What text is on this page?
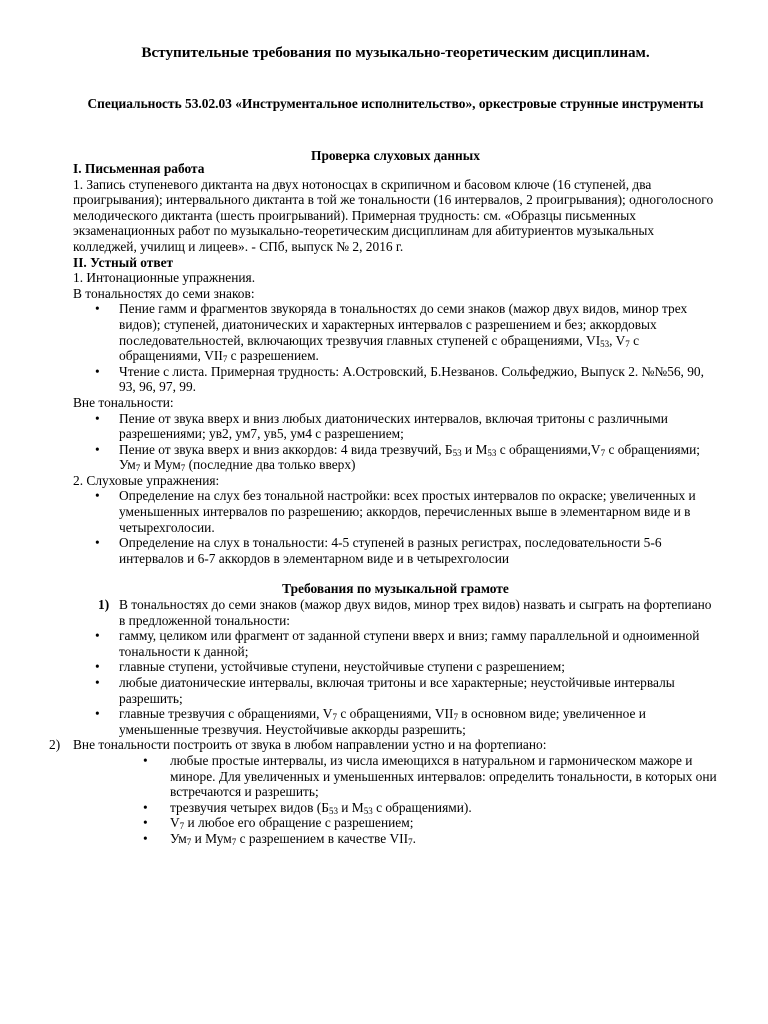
Вступительные требования по музыкально-теоретическим дисциплинам.
Специальность 53.02.03 «Инструментальное исполнительство», оркестровые струнные инструменты
Проверка слуховых данных

I. Письменная работа

1. Запись ступеневого диктанта на двух нотоносцах в скрипичном и басовом ключе (16 ступеней, два проигрывания); интервального диктанта в той же тональности (16 интервалов, 2 проигрывания); одноголосного мелодического диктанта (шесть проигрываний). Примерная трудность: см. «Образцы письменных экзаменационных работ по музыкально-теоретическим дисциплинам для абитуриентов музыкальных колледжей, училищ и лицеев». - СПб, выпуск № 2, 2016 г.

II. Устный ответ

1. Интонационные упражнения.

В тональностях до семи знаков:

• Пение гамм и фрагментов звукоряда в тональностях до семи знаков (мажор двух видов, минор трех видов); ступеней, диатонических и характерных интервалов с разрешением и без; аккордовых последовательностей, включающих трезвучия главных ступеней с обращениями, $VI_{53}$, $V_7$ с обращениями, $VII_7$ с разрешением.
• Чтение с листа. Примерная трудность: А.Островский, Б.Незванов. Сольфеджио, Выпуск 2. №№56, 90, 93, 96, 97, 99.

Вне тональности:

• Пение от звука вверх и вниз любых диатонических интервалов, включая тритоны с различными разрешениями; ув2, ум7, ув5, ум4 с разрешением;
• Пение от звука вверх и вниз аккордов: 4 вида трезвучий, $Б_{53}$ и $М_{53}$ с $обращениями,V_7$ с обращениями; $Ум_7$ и Мум$_7$ (последние два только вверх)

2. Слуховые упражнения:

• Определение на слух без тональной настройки: всех простых интервалов по окраске; увеличенных и уменьшенных интервалов по разрешению; аккордов, перечисленных выше в элементарном виде и в четырехголосии.
• Определение на слух в тональности: 4-5 ступеней в разных регистрах, последовательности 5-6 интервалов и 6-7 аккордов в элементарном виде и в четырехголосии

Требования по музыкальной грамоте

1) В тональностях до семи знаков (мажор двух видов, минор трех видов) назвать и сыграть на фортепиано в предложенной тональности:

• гамму, целиком или фрагмент от заданной ступени вверх и вниз; гамму параллельной и одноименной тональности к данной;
• главные ступени, устойчивые ступени, неустойчивые ступени с разрешением;
• любые диатонические интервалы, включая тритоны и все характерные; неустойчивые интервалы разрешить;
• главные трезвучия с обращениями, $V_7$ с обращениями, $VII_7$ в основном виде; увеличенное и уменьшенные трезвучия. Неустойчивые аккорды разрешить;

2) Вне тональности построить от звука в любом направлении устно и на фортепиано:

• любые простые интервалы, из числа имеющихся в натуральном и гармоническом мажоре и миноре. Для увеличенных и уменьшенных интервалов: определить тональности, в которых они встречаются и разрешить;
• трезвучия четырех видов ($Б_{53}$ и $М_{53}$ с обращениями).
• $V_7$ и любое его обращение с разрешением;
• $Ум_7$ и Мум$_7$ с разрешением в качестве $VII_7$.
